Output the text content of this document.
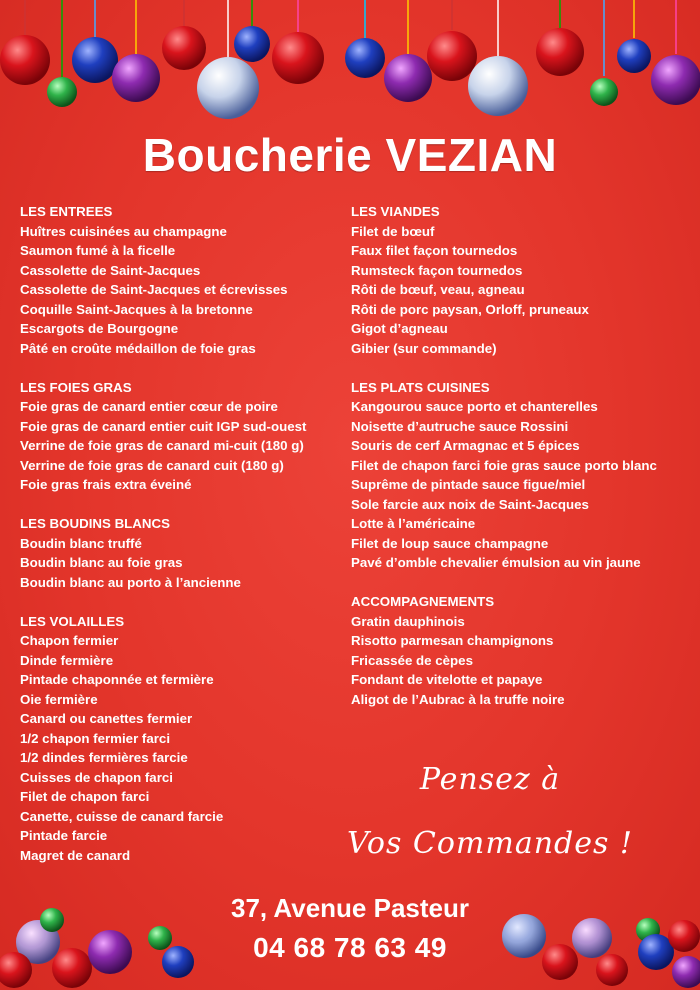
Boucherie VEZIAN
LES ENTREES
Huîtres cuisinées au champagne
Saumon fumé à la ficelle
Cassolette de Saint-Jacques
Cassolette de Saint-Jacques et écrevisses
Coquille Saint-Jacques à la bretonne
Escargots de Bourgogne
Pâté en croûte médaillon de foie gras
LES FOIES GRAS
Foie gras de canard entier cœur de poire
Foie gras de canard entier cuit IGP sud-ouest
Verrine de foie gras de canard mi-cuit (180 g)
Verrine de foie gras de canard cuit (180 g)
Foie gras frais extra éveiné
LES BOUDINS BLANCS
Boudin blanc truffé
Boudin blanc au foie gras
Boudin blanc au porto à l’ancienne
LES VOLAILLES
Chapon fermier
Dinde fermière
Pintade chaponnée et fermière
Oie fermière
Canard ou canettes fermier
1/2 chapon fermier farci
1/2 dindes fermières farcie
Cuisses de chapon farci
Filet de chapon farci
Canette, cuisse de canard farcie
Pintade farcie
Magret de canard
LES VIANDES
Filet de bœuf
Faux filet façon tournedos
Rumsteck façon tournedos
Rôti de bœuf, veau, agneau
Rôti de porc paysan, Orloff, pruneaux
Gigot d’agneau
Gibier (sur commande)
LES PLATS CUISINES
Kangourou sauce porto et chanterelles
Noisette d’autruche sauce Rossini
Souris de cerf Armagnac et 5 épices
Filet de chapon farci foie gras sauce porto blanc
Suprême de pintade sauce figue/miel
Sole farcie aux noix de Saint-Jacques
Lotte à l’américaine
Filet de loup sauce champagne
Pavé d’omble chevalier émulsion au vin jaune
ACCOMPAGNEMENTS
Gratin dauphinois
Risotto parmesan champignons
Fricassée de cèpes
Fondant de vitelotte et papaye
Aligot de l’Aubrac à la truffe noire
Pensez à
Vos Commandes !
37, Avenue Pasteur
04 68 78 63 49
